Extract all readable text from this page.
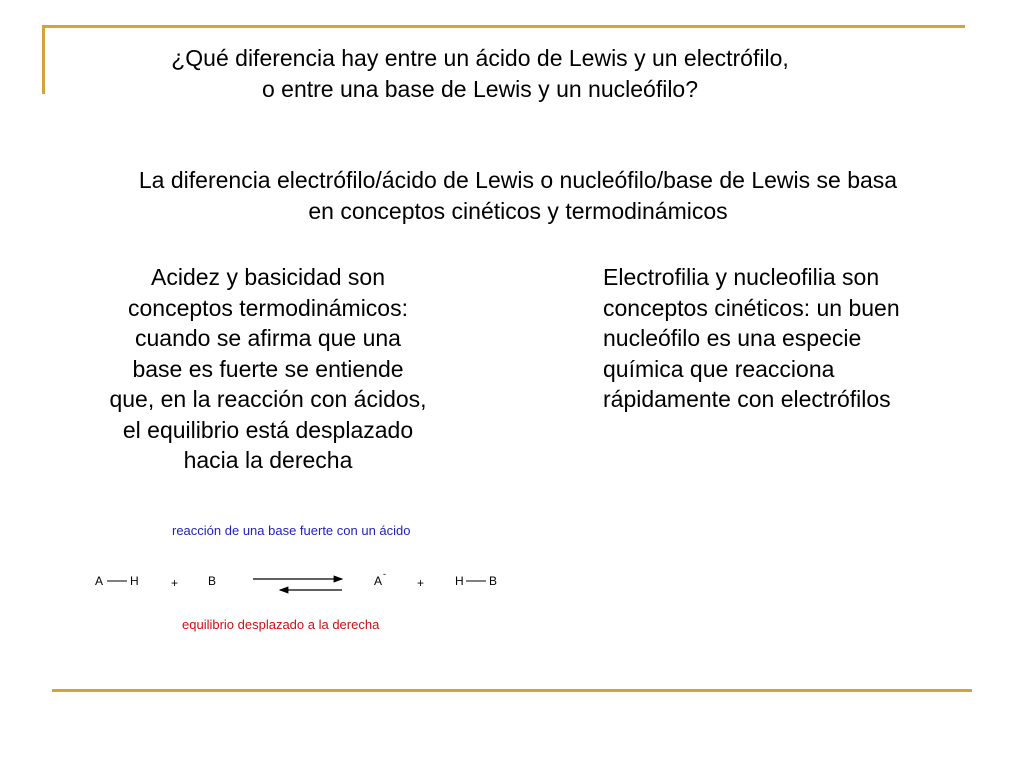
¿Qué diferencia hay entre un ácido de Lewis y un electrófilo,
o entre una base de Lewis y un nucleófilo?
La diferencia electrófilo/ácido de Lewis o nucleófilo/base de Lewis se basa
en conceptos cinéticos y termodinámicos
Acidez y basicidad son
conceptos termodinámicos:
cuando se afirma que una
base es fuerte se entiende
que, en la reacción con ácidos,
el equilibrio está desplazado
hacia la derecha
Electrofilia y nucleofilia son
conceptos cinéticos: un buen
nucleófilo es una especie
química que reacciona
rápidamente con electrófilos
reacción de una base fuerte con un ácido
A H	+ B	A -
+	H B
equilibrio desplazado a la derecha
